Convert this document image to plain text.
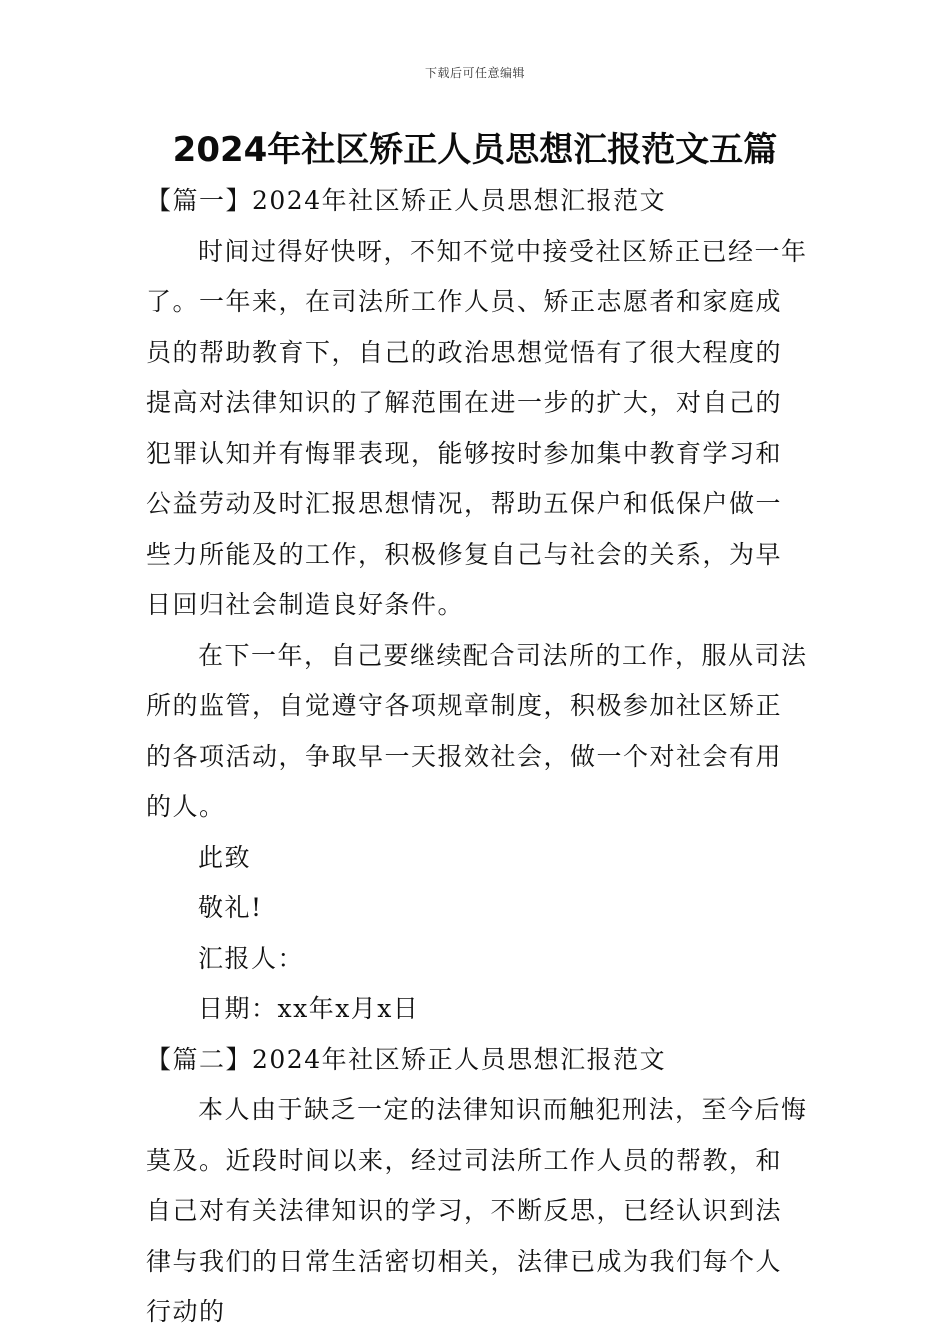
下载后可任意编辑
2024年社区矫正人员思想汇报范文五篇

【篇一】2024年社区矫正人员思想汇报范文

时间过得好快呀，不知不觉中接受社区矫正已经一年了。一年来，在司法所工作人员、矫正志愿者和家庭成员的帮助教育下，自己的政治思想觉悟有了很大程度的提高对法律知识的了解范围在进一步的扩大，对自己的犯罪认知并有悔罪表现，能够按时参加集中教育学习和公益劳动及时汇报思想情况，帮助五保户和低保户做一些力所能及的工作，积极修复自己与社会的关系，为早日回归社会制造良好条件。

在下一年，自己要继续配合司法所的工作，服从司法所的监管，自觉遵守各项规章制度，积极参加社区矫正的各项活动，争取早一天报效社会，做一个对社会有用的人。

此致

敬礼!

汇报人：

日期：xx年x月x日

【篇二】2024年社区矫正人员思想汇报范文

本人由于缺乏一定的法律知识而触犯刑法，至今后悔莫及。近段时间以来，经过司法所工作人员的帮教，和自己对有关法律知识的学习，不断反思，已经认识到法律与我们的日常生活密切相关，法律已成为我们每个人行动的
